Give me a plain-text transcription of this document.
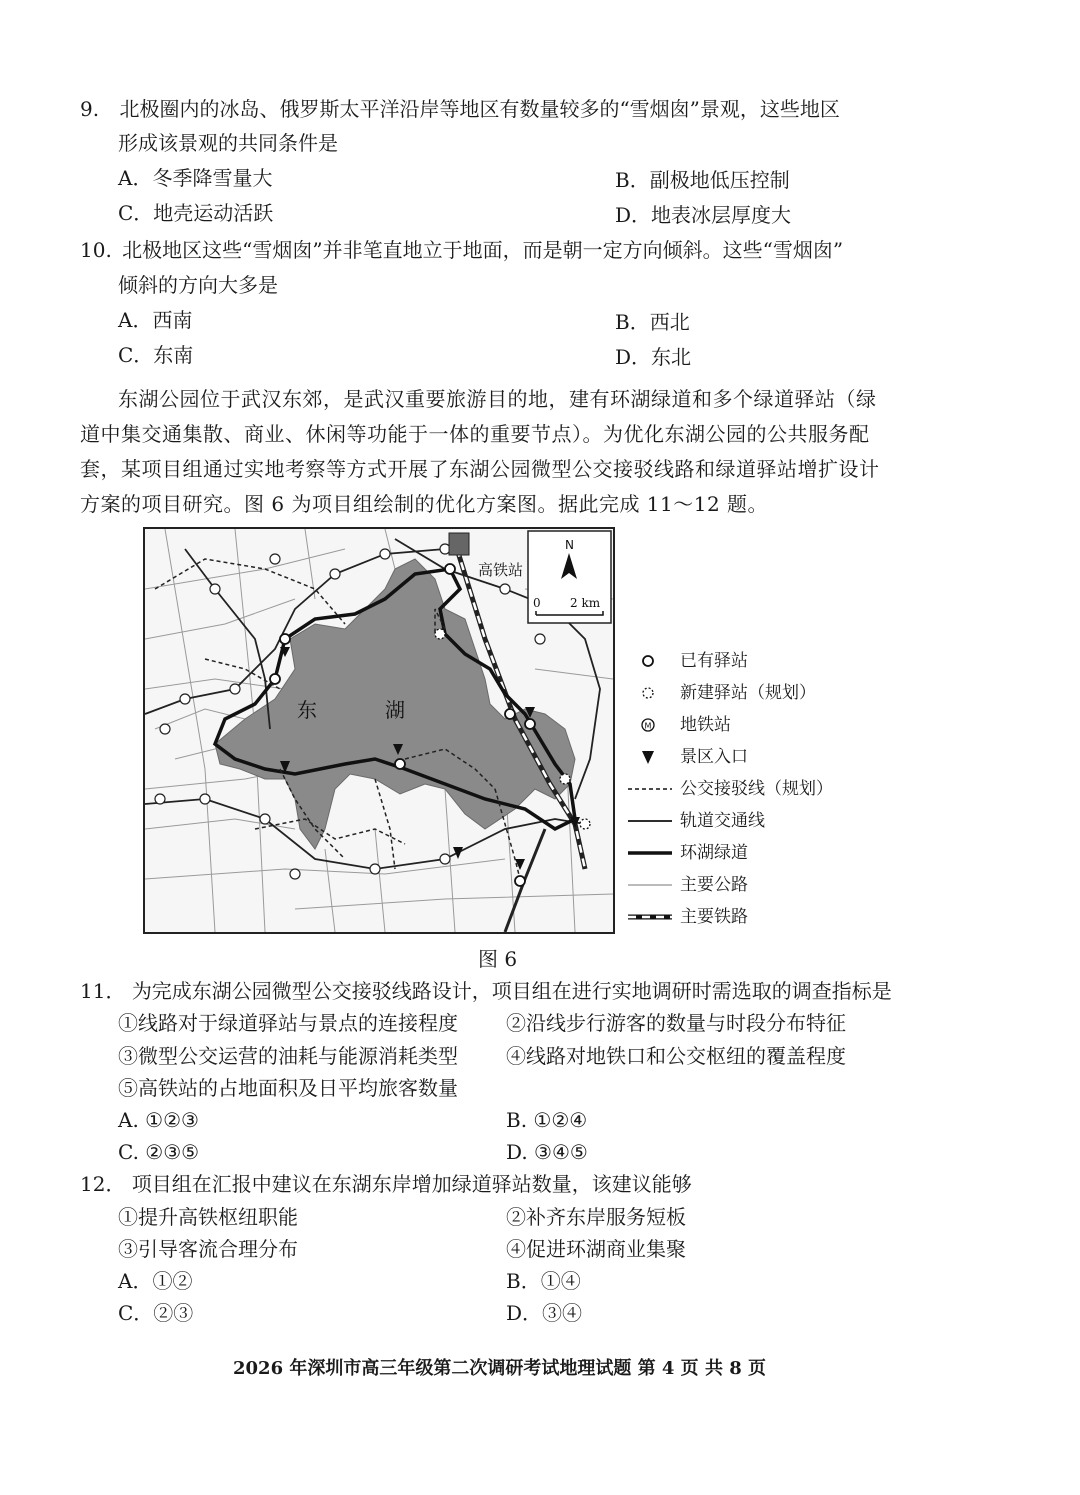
9. 北极圈内的冰岛、俄罗斯太平洋沿岸等地区有数量较多的“雪烟囱”景观，这些地区
形成该景观的共同条件是
A．冬季降雪量大	B．副极地低压控制
C．地壳运动活跃	D．地表冰层厚度大
10. 北极地区这些“雪烟囱”并非笔直地立于地面，而是朝一定方向倾斜。这些“雪烟囱”
倾斜的方向大多是
A．西南	B．西北
C．东南	D．东北
东湖公园位于武汉东郊，是武汉重要旅游目的地，建有环湖绿道和多个绿道驿站（绿
道中集交通集散、商业、休闲等功能于一体的重要节点）。为优化东湖公园的公共服务配
套，某项目组通过实地考察等方式开展了东湖公园微型公交接驳线路和绿道驿站增扩设计
方案的项目研究。图 6 为项目组绘制的优化方案图。据此完成 11～12 题。
东	湖
高铁站
N
0 2 km
已有驿站
新建驿站（规划）
M 地铁站
景区入口
公交接驳线（规划）
轨道交通线
环湖绿道
主要公路
主要铁路
图 6
11． 为完成东湖公园微型公交接驳线路设计，项目组在进行实地调研时需选取的调查指标是
①线路对于绿道驿站与景点的连接程度 ②沿线步行游客的数量与时段分布特征
③微型公交运营的油耗与能源消耗类型 ④线路对地铁口和公交枢纽的覆盖程度
⑤高铁站的占地面积及日平均旅客数量
A. ①②③	B. ①②④
C. ②③⑤	D. ③④⑤
12． 项目组在汇报中建议在东湖东岸增加绿道驿站数量，该建议能够
①提升高铁枢纽职能	②补齐东岸服务短板
③引导客流合理分布	④促进环湖商业集聚
A．①②	B．①④
C．②③	D．③④
2026 年深圳市高三年级第二次调研考试地理试题 第 4 页 共 8 页
